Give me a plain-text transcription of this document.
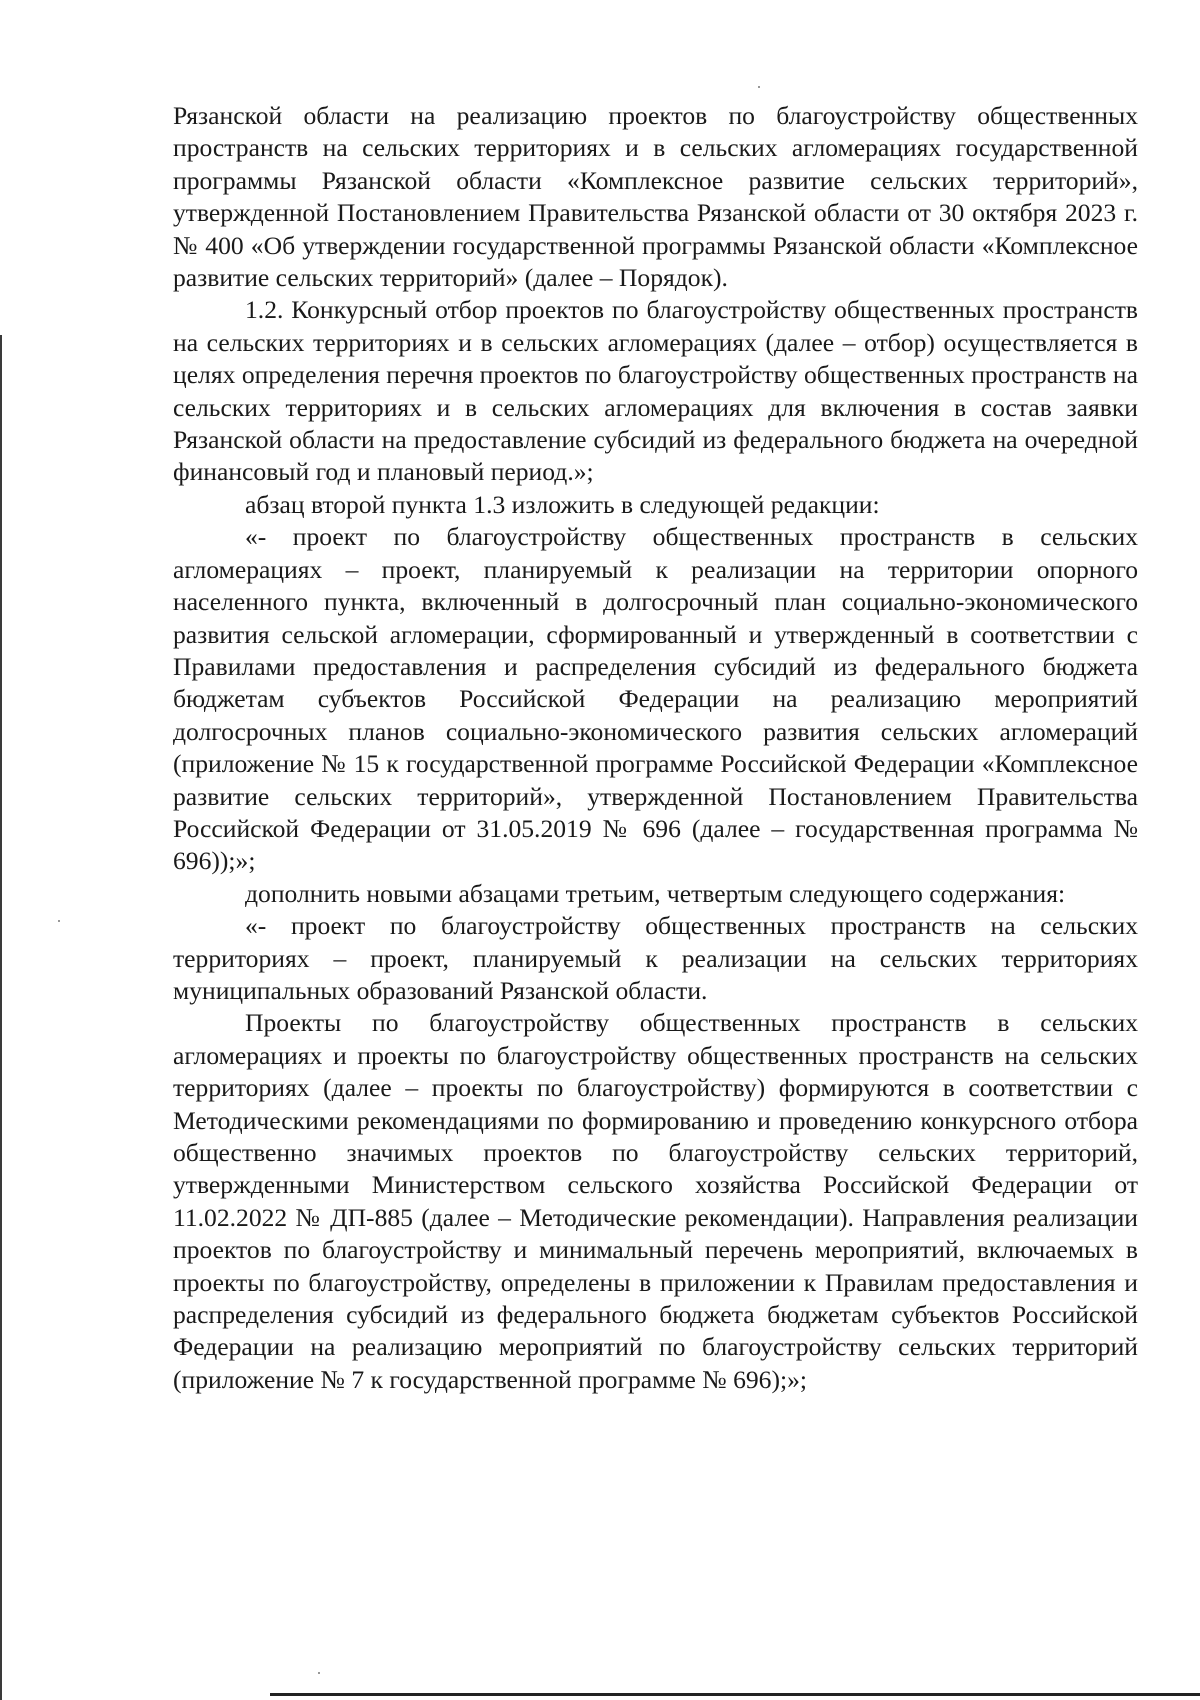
Рязанской области на реализацию проектов по благоустройству общественных пространств на сельских территориях и в сельских агломерациях государственной программы Рязанской области «Комплексное развитие сельских территорий», утвержденной Постановлением Правительства Рязанской области от 30 октября 2023 г. № 400 «Об утверждении государственной программы Рязанской области «Комплексное развитие сельских территорий» (далее – Порядок).

1.2. Конкурсный отбор проектов по благоустройству общественных пространств на сельских территориях и в сельских агломерациях (далее – отбор) осуществляется в целях определения перечня проектов по благоустройству общественных пространств на сельских территориях и в сельских агломерациях для включения в состав заявки Рязанской области на предоставление субсидий из федерального бюджета на очередной финансовый год и плановый период.»;

абзац второй пункта 1.3 изложить в следующей редакции:

«- проект по благоустройству общественных пространств в сельских агломерациях – проект, планируемый к реализации на территории опорного населенного пункта, включенный в долгосрочный план социально-экономического развития сельской агломерации, сформированный и утвержденный в соответствии с Правилами предоставления и распределения субсидий из федерального бюджета бюджетам субъектов Российской Федерации на реализацию мероприятий долгосрочных планов социально-экономического развития сельских агломераций (приложение № 15 к государственной программе Российской Федерации «Комплексное развитие сельских территорий», утвержденной Постановлением Правительства Российской Федерации от 31.05.2019 № 696 (далее – государственная программа № 696));»;

дополнить новыми абзацами третьим, четвертым следующего содержания:

«- проект по благоустройству общественных пространств на сельских территориях – проект, планируемый к реализации на сельских территориях муниципальных образований Рязанской области.

Проекты по благоустройству общественных пространств в сельских агломерациях и проекты по благоустройству общественных пространств на сельских территориях (далее – проекты по благоустройству) формируются в соответствии с Методическими рекомендациями по формированию и проведению конкурсного отбора общественно значимых проектов по благоустройству сельских территорий, утвержденными Министерством сельского хозяйства Российской Федерации от 11.02.2022 № ДП-885 (далее – Методические рекомендации). Направления реализации проектов по благоустройству и минимальный перечень мероприятий, включаемых в проекты по благоустройству, определены в приложении к Правилам предоставления и распределения субсидий из федерального бюджета бюджетам субъектов Российской Федерации на реализацию мероприятий по благоустройству сельских территорий (приложение № 7 к государственной программе № 696);»;
